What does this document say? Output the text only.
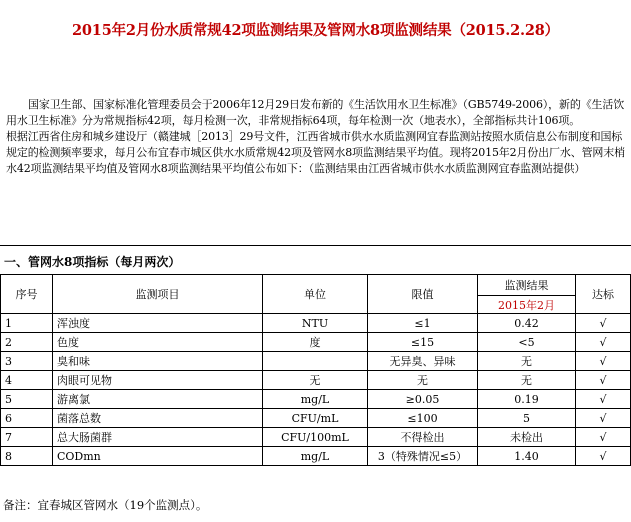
2015年2月份水质常规42项监测结果及管网水8项监测结果（2015.2.28）

国家卫生部、国家标准化管理委员会于2006年12月29日发布新的《生活饮用水卫生标准》（GB5749-2006），新的《生活饮用水卫生标准》分为常规指标42项，每月检测一次，非常规指标64项，每年检测一次（地表水），全部指标共计106项。

根据江西省住房和城乡建设厅（赣建城［2013］29号文件，江西省城市供水水质监测网宜春监测站按照水质信息公布制度和国标规定的检测频率要求，每月公布宜春市城区供水水质常规42项及管网水8项监测结果平均值。现将2015年2月份出厂水、管网末梢水42项监测结果平均值及管网水8项监测结果平均值公布如下：（监测结果由江西省城市供水水质监测网宜春监测站提供）

一、管网水8项指标（每月两次）
序号	监测项目	单位	限值	监测结果	达标
				2015年2月	
1	浑浊度	NTU	≤1	0.42	√
2	色度	度	≤15	<5	√
3	臭和味		无异臭、异味	无	√
4	肉眼可见物	无	无	无	√
5	游离氯	mg/L	≥0.05	0.19	√
6	菌落总数	CFU/mL	≤100	5	√
7	总大肠菌群	CFU/100mL	不得检出	未检出	√
8	CODmn	mg/L	3（特殊情况≤5）	1.40	√
备注：宜春城区管网水（19个监测点）。
